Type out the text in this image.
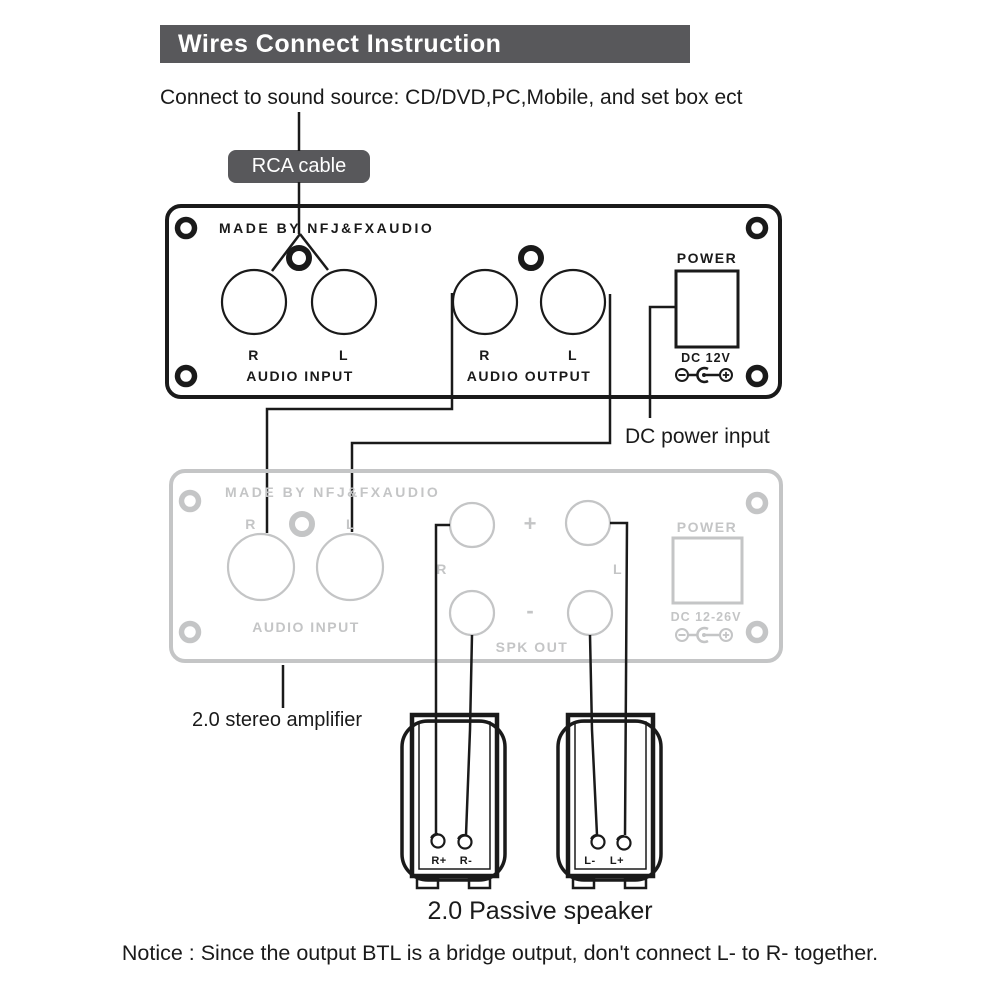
Wires Connect Instruction
Connect to sound source: CD/DVD,PC,Mobile, and set box ect
RCA cable
DC power input
2.0 stereo amplifier
2.0 Passive speaker
Notice : Since the output BTL is a bridge output, don't connect L- to R- together.
MADE BY NFJ&FXAUDIO
R	L
AUDIO INPUT
R	L
AUDIO OUTPUT
POWER
DC 12V
MADE BY NFJ&FXAUDIO
R	L
AUDIO INPUT
+
-
R	L
SPK OUT
POWER
DC 12-26V
R+ R-	L- L+
